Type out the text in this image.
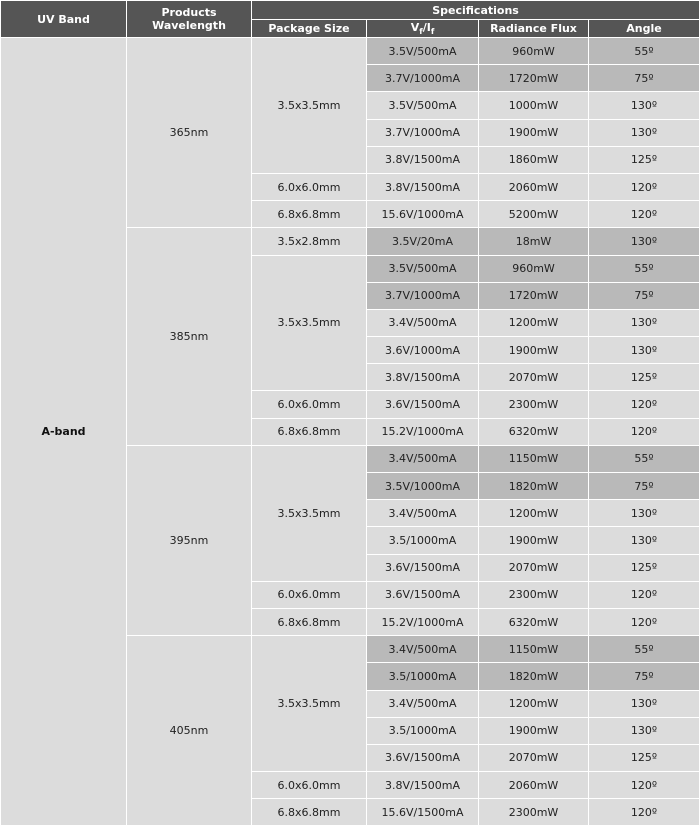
UV Band	Products
Wavelength	Specifications			
		Package Size	$V_f/I_f$	Radiance Flux	Angle
A-band	365nm	3.5x3.5mm	3.5V/500mA	960mW	55º
			3.7V/1000mA	1720mW	75º
			3.5V/500mA	1000mW	130º
			3.7V/1000mA	1900mW	130º
			3.8V/1500mA	1860mW	125º
		6.0x6.0mm	3.8V/1500mA	2060mW	120º
		6.8x6.8mm	15.6V/1000mA	5200mW	120º
	385nm	3.5x2.8mm	3.5V/20mA	18mW	130º
		3.5x3.5mm	3.5V/500mA	960mW	55º
			3.7V/1000mA	1720mW	75º
			3.4V/500mA	1200mW	130º
			3.6V/1000mA	1900mW	130º
			3.8V/1500mA	2070mW	125º
		6.0x6.0mm	3.6V/1500mA	2300mW	120º
		6.8x6.8mm	15.2V/1000mA	6320mW	120º
	395nm	3.5x3.5mm	3.4V/500mA	1150mW	55º
			3.5V/1000mA	1820mW	75º
			3.4V/500mA	1200mW	130º
			3.5/1000mA	1900mW	130º
			3.6V/1500mA	2070mW	125º
		6.0x6.0mm	3.6V/1500mA	2300mW	120º
		6.8x6.8mm	15.2V/1000mA	6320mW	120º
	405nm	3.5x3.5mm	3.4V/500mA	1150mW	55º
			3.5/1000mA	1820mW	75º
			3.4V/500mA	1200mW	130º
			3.5/1000mA	1900mW	130º
			3.6V/1500mA	2070mW	125º
		6.0x6.0mm	3.8V/1500mA	2060mW	120º
		6.8x6.8mm	15.6V/1500mA	2300mW	120º
